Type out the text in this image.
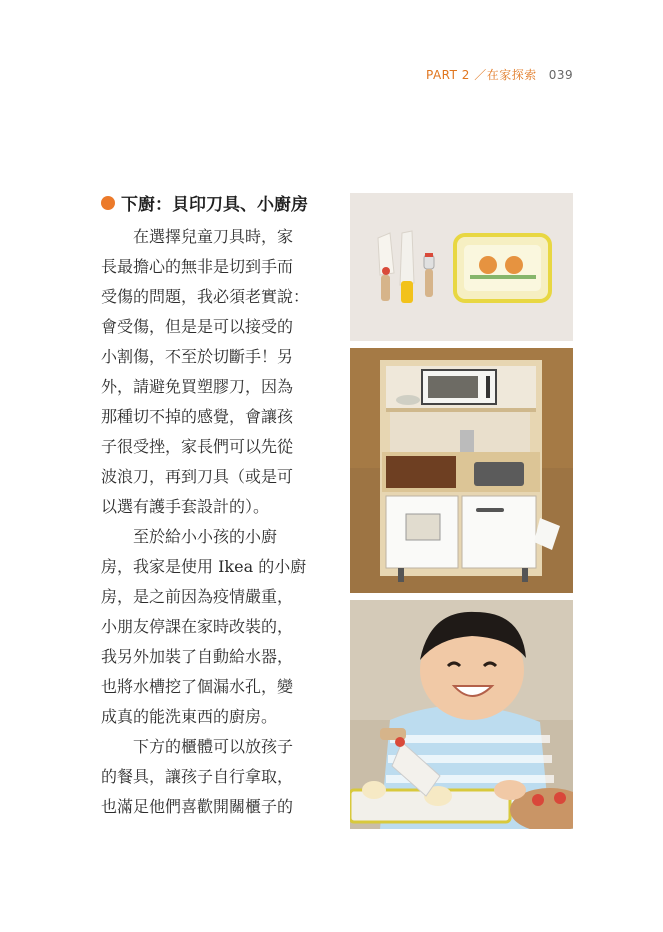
PART 2 ／在家探索 039
下廚：貝印刀具、小廚房
在選擇兒童刀具時，家
長最擔心的無非是切到手而
受傷的問題，我必須老實說：
會受傷，但是是可以接受的
小割傷，不至於切斷手！另
外，請避免買塑膠刀，因為
那種切不掉的感覺，會讓孩
子很受挫，家長們可以先從
波浪刀，再到刀具（或是可
以選有護手套設計的）。
至於給小小孩的小廚
房，我家是使用 Ikea 的小廚
房，是之前因為疫情嚴重，
小朋友停課在家時改裝的，
我另外加裝了自動給水器，
也將水槽挖了個漏水孔，變
成真的能洗東西的廚房。
下方的櫃體可以放孩子
的餐具，讓孩子自行拿取，
也滿足他們喜歡開關櫃子的
